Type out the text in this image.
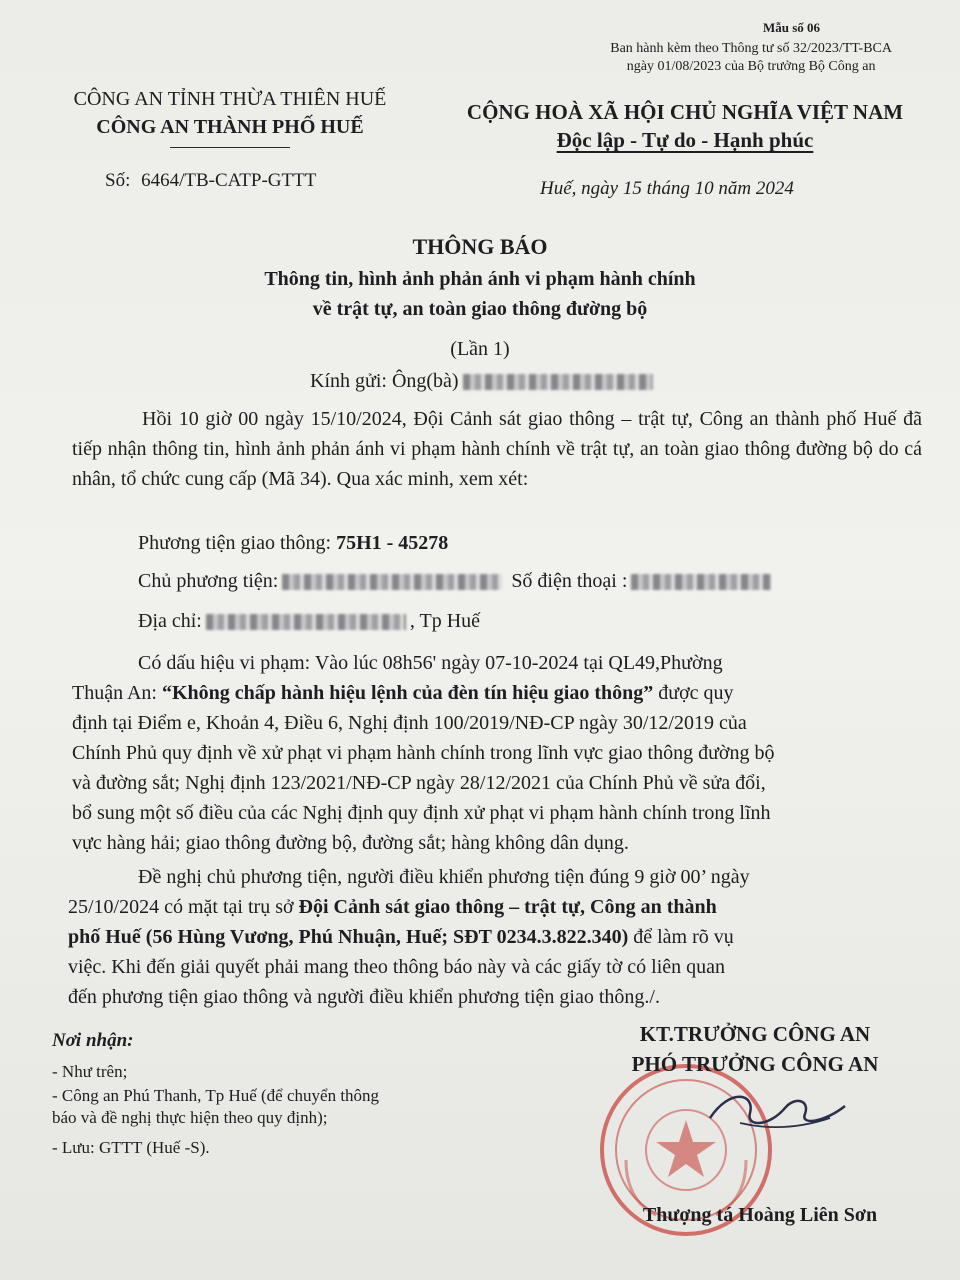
Mẫu số 06
Ban hành kèm theo Thông tư số 32/2023/TT-BCA
ngày 01/08/2023 của Bộ trưởng Bộ Công an
CÔNG AN TỈNH THỪA THIÊN HUẾ
CÔNG AN THÀNH PHỐ HUẾ
Số: 6464/TB-CATP-GTTT
CỘNG HOÀ XÃ HỘI CHỦ NGHĨA VIỆT NAM
Độc lập - Tự do - Hạnh phúc
Huế, ngày 15 tháng 10 năm 2024
THÔNG BÁO
Thông tin, hình ảnh phản ánh vi phạm hành chính
về trật tự, an toàn giao thông đường bộ
(Lần 1)
Kính gửi: Ông(bà)
Hồi 10 giờ 00 ngày 15/10/2024, Đội Cảnh sát giao thông – trật tự, Công an thành phố Huế đã tiếp nhận thông tin, hình ảnh phản ánh vi phạm hành chính về trật tự, an toàn giao thông đường bộ do cá nhân, tổ chức cung cấp (Mã 34). Qua xác minh, xem xét:
Phương tiện giao thông: 75H1 - 45278
Chủ phương tiện:	Số điện thoại :
Địa chỉ:	, Tp Huế
Có dấu hiệu vi phạm: Vào lúc 08h56' ngày 07-10-2024 tại QL49,Phường
Thuận An: “Không chấp hành hiệu lệnh của đèn tín hiệu giao thông” được quy
định tại Điểm e, Khoản 4, Điều 6, Nghị định 100/2019/NĐ-CP ngày 30/12/2019 của
Chính Phủ quy định về xử phạt vi phạm hành chính trong lĩnh vực giao thông đường bộ
và đường sắt; Nghị định 123/2021/NĐ-CP ngày 28/12/2021 của Chính Phủ về sửa đổi,
bổ sung một số điều của các Nghị định quy định xử phạt vi phạm hành chính trong lĩnh
vực hàng hải; giao thông đường bộ, đường sắt; hàng không dân dụng.
Đề nghị chủ phương tiện, người điều khiển phương tiện đúng 9 giờ 00’ ngày
25/10/2024 có mặt tại trụ sở Đội Cảnh sát giao thông – trật tự, Công an thành
phố Huế (56 Hùng Vương, Phú Nhuận, Huế; SĐT 0234.3.822.340) để làm rõ vụ
việc. Khi đến giải quyết phải mang theo thông báo này và các giấy tờ có liên quan
đến phương tiện giao thông và người điều khiển phương tiện giao thông./.
Nơi nhận:
- Như trên;
- Công an Phú Thanh, Tp Huế (để chuyển thông
báo và đề nghị thực hiện theo quy định);
- Lưu: GTTT (Huế -S).
KT.TRƯỞNG CÔNG AN
PHÓ TRƯỞNG CÔNG AN
Thượng tá Hoàng Liên Sơn
